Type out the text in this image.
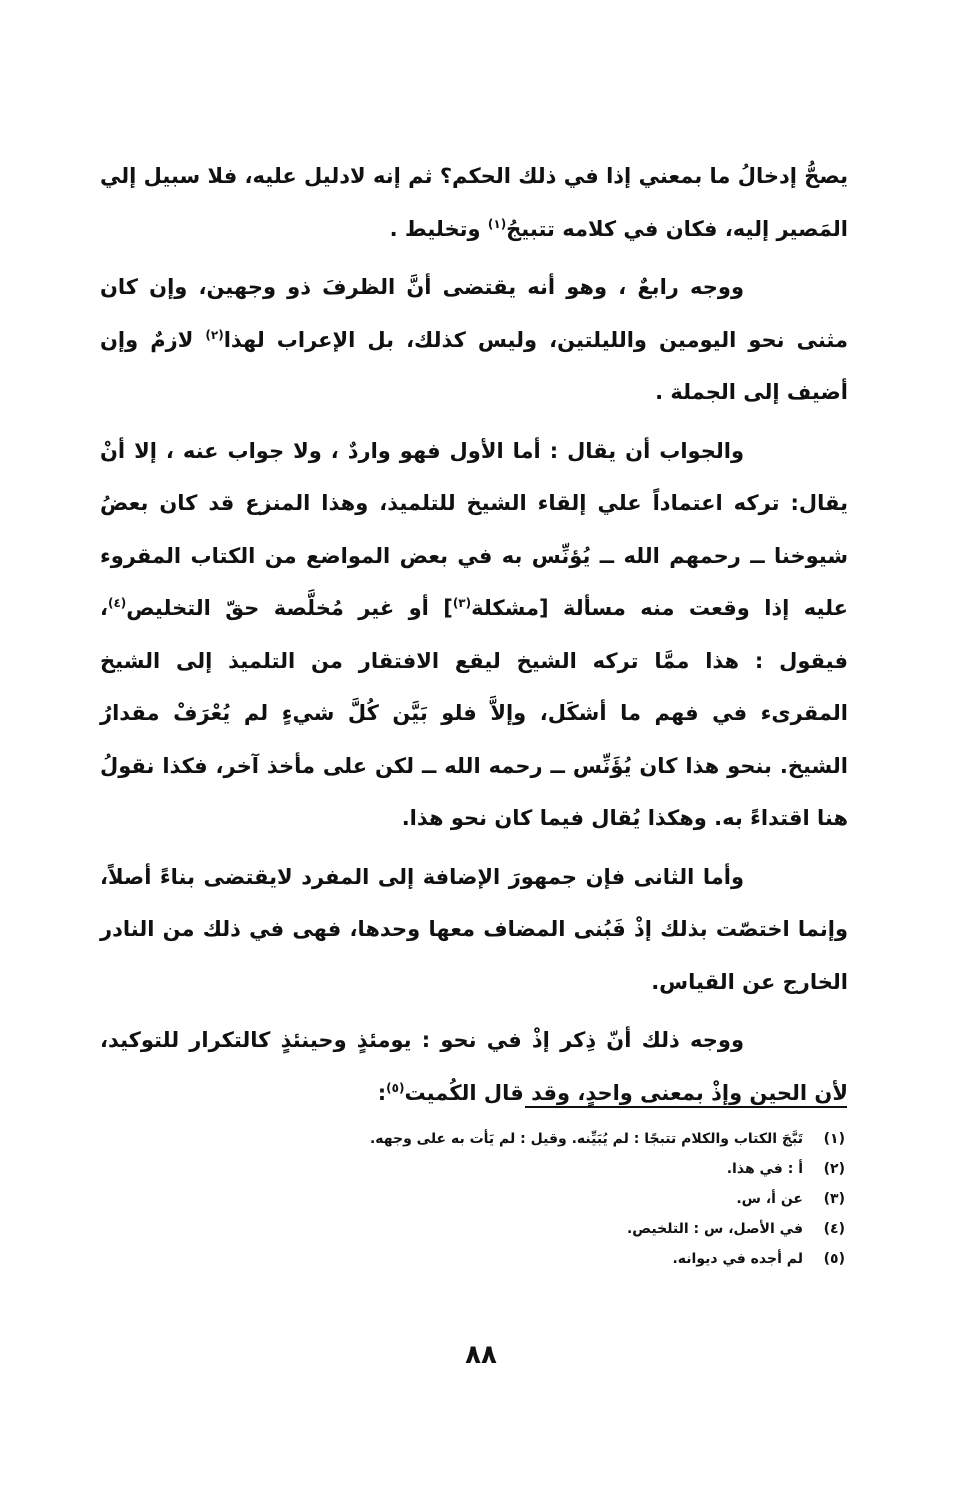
يصحُّ إدخالُ ما بمعني إذا في ذلك الحكم؟ ثم إنه لادليل عليه، فلا سبيل إلي المَصير إليه، فكان في كلامه تتبيجُ$^{(١)}$ وتخليط .

ووجه رابعٌ ، وهو أنه يقتضى أنَّ الظرفَ ذو وجهين، وإن كان مثنى نحو اليومين والليلتين، وليس كذلك، بل الإعراب لهذا$^{(٢)}$ لازمٌ وإن أضيف إلى الجملة .

والجواب أن يقال : أما الأول فهو واردٌ ، ولا جواب عنه ، إلا أنْ يقال: تركه اعتماداً علي إلقاء الشيخ للتلميذ، وهذا المنزع قد كان بعضُ شيوخنا ــ رحمهم الله ــ يُؤنِّس به في بعض المواضع من الكتاب المقروء عليه إذا وقعت منه مسألة [مشكلة$^{(٣)}$] أو غير مُخلَّصة حقّ التخليص$^{(٤)}$، فيقول : هذا ممَّا تركه الشيخ ليقع الافتقار من التلميذ إلى الشيخ المقرىء في فهم ما أشكَل، وإلاَّ فلو بَيَّن كُلَّ شيءٍ لم يُعْرَفْ مقدارُ الشيخ. بنحو هذا كان يُؤَنِّس ــ رحمه الله ــ لكن على مأخذ آخر، فكذا نقولُ هنا اقتداءً به. وهكذا يُقال فيما كان نحو هذا.

وأما الثانى فإن جمهورَ الإضافة إلى المفرد لايقتضى بناءً أصلاً، وإنما اختصّت بذلك إذْ فَبُنى المضاف معها وحدها، فهى في ذلك من النادر الخارج عن القياس.

ووجه ذلك أنّ ذِكر إذْ في نحو : يومئذٍ وحينئذٍ كالتكرار للتوكيد، لأن الحين وإذْ بمعنى واحدٍ، وقد قال الكُميت$^{(٥)}$:

(١)
تَبَّجَ الكتاب والكلام تتبجًا : لم يُبَيِّنه. وقيل : لم يَأت به على وجهه.
(٢)
أ : في هذا.
(٣)
عن أ، س.
(٤)
في الأصل، س : التلخيص.
(٥)
لم أجده في ديوانه.
٨٨
